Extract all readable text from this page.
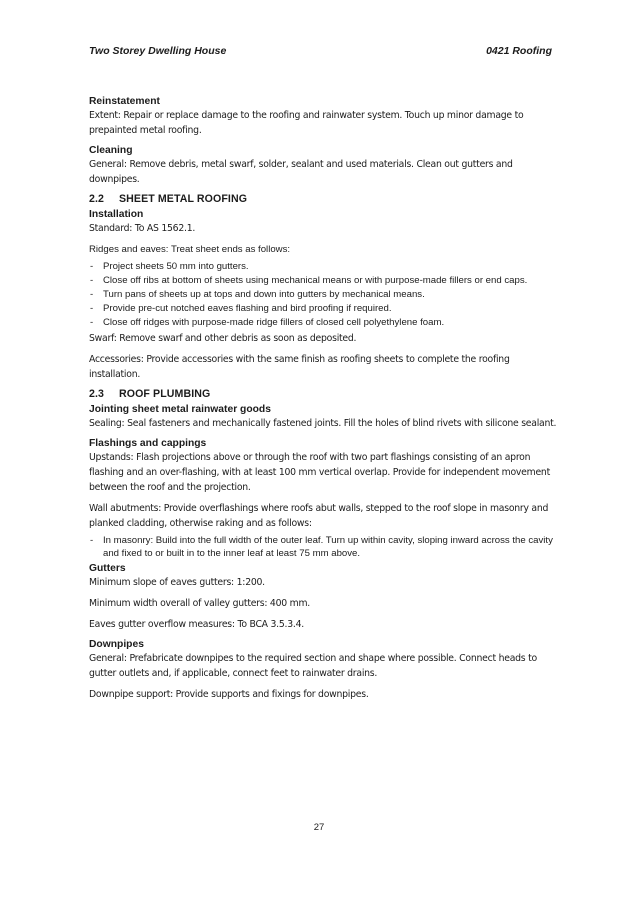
Two Storey Dwelling House	0421 Roofing

Reinstatement

Extent: Repair or replace damage to the roofing and rainwater system. Touch up minor damage to prepainted metal roofing.

Cleaning

General: Remove debris, metal swarf, solder, sealant and used materials. Clean out gutters and downpipes.

2.2 SHEET METAL ROOFING

Installation

Standard: To AS 1562.1.

Ridges and eaves: Treat sheet ends as follows:

- Project sheets 50 mm into gutters.
- Close off ribs at bottom of sheets using mechanical means or with purpose-made fillers or end caps.
- Turn pans of sheets up at tops and down into gutters by mechanical means.
- Provide pre-cut notched eaves flashing and bird proofing if required.
- Close off ridges with purpose-made ridge fillers of closed cell polyethylene foam.

Swarf: Remove swarf and other debris as soon as deposited.

Accessories: Provide accessories with the same finish as roofing sheets to complete the roofing installation.

2.3 ROOF PLUMBING

Jointing sheet metal rainwater goods

Sealing: Seal fasteners and mechanically fastened joints. Fill the holes of blind rivets with silicone sealant.

Flashings and cappings

Upstands: Flash projections above or through the roof with two part flashings consisting of an apron flashing and an over-flashing, with at least 100 mm vertical overlap. Provide for independent movement between the roof and the projection.

Wall abutments: Provide overflashings where roofs abut walls, stepped to the roof slope in masonry and planked cladding, otherwise raking and as follows:

- In masonry: Build into the full width of the outer leaf. Turn up within cavity, sloping inward across the cavity and fixed to or built in to the inner leaf at least 75 mm above.

Gutters

Minimum slope of eaves gutters: 1:200.

Minimum width overall of valley gutters: 400 mm.

Eaves gutter overflow measures: To BCA 3.5.3.4.

Downpipes

General: Prefabricate downpipes to the required section and shape where possible. Connect heads to gutter outlets and, if applicable, connect feet to rainwater drains.

Downpipe support: Provide supports and fixings for downpipes.

27
